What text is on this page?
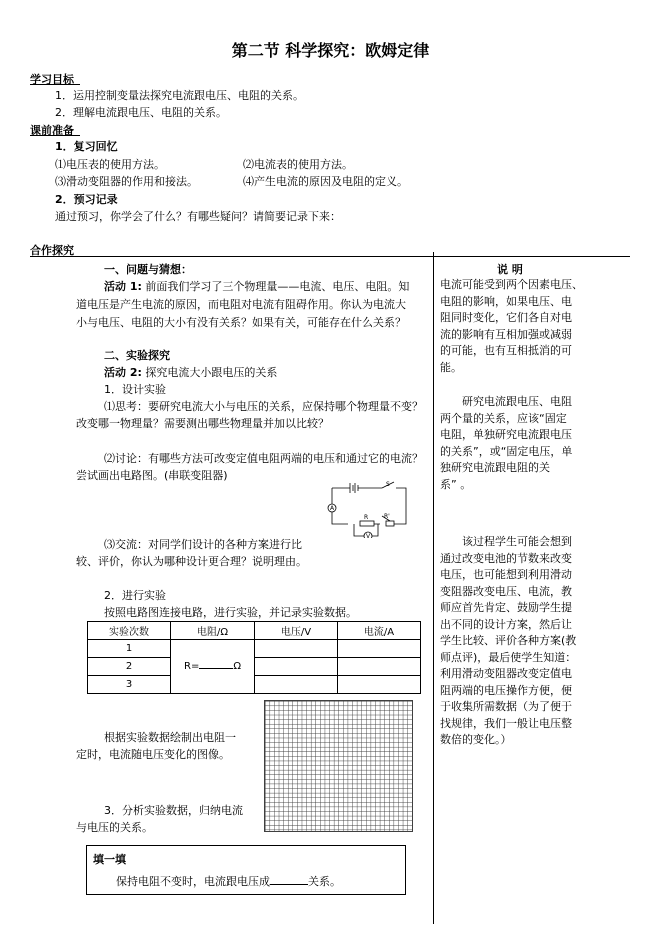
第二节 科学探究：欧姆定律
学习目标
1．运用控制变量法探究电流跟电压、电阻的关系。
2．理解电流跟电压、电阻的关系。
课前准备
1．复习回忆
⑴电压表的使用方法。	⑵电流表的使用方法。
⑶滑动变阻器的作用和接法。	⑷产生电流的原因及电阻的定义。
2．预习记录
通过预习，你学会了什么？有哪些疑问？请简要记录下来：
合作探究
一、问题与猜想：
活动 1: 前面我们学习了三个物理量——电流、电压、电阻。知
道电压是产生电流的原因，而电阻对电流有阻碍作用。你认为电流大
小与电压、电阻的大小有没有关系？如果有关，可能存在什么关系？
二、实验探究
活动 2: 探究电流大小跟电压的关系
1．设计实验
⑴思考：要研究电流大小与电压的关系，应保持哪个物理量不变？
改变哪一物理量？需要测出哪些物理量并加以比较？
⑵讨论：有哪些方法可改变定值电阻两端的电压和通过它的电流？
尝试画出电路图。(串联变阻器)
S
A
R	R'
V
⑶交流：对同学们设计的各种方案进行比
较、评价，你认为哪种设计更合理？说明理由。
2．进行实验
按照电路图连接电路，进行实验，并记录实验数据。
实验次数	电阻/Ω	电压/V	电流/A
1	R= Ω		
2			
3			
根据实验数据绘制出电阻一
定时，电流随电压变化的图像。
3．分析实验数据，归纳电流
与电压的关系。
填一填
保持电阻不变时，电流跟电压成	关系。
说 明
电流可能受到两个因素电压、
电阻的影响，如果电压、电
阻同时变化，它们各自对电
流的影响有互相加强或减弱
的可能，也有互相抵消的可
能。
研究电流跟电压、电阻
两个量的关系，应该“固定
电阻，单独研究电流跟电压
的关系”，或“固定电压，单
独研究电流跟电阻的关
系” 。
该过程学生可能会想到
通过改变电池的节数来改变
电压，也可能想到利用滑动
变阻器改变电压、电流，教
师应首先肯定、鼓励学生提
出不同的设计方案，然后让
学生比较、评价各种方案(教
师点评)，最后使学生知道：
利用滑动变阻器改变定值电
阻两端的电压操作方便，便
于收集所需数据（为了便于
找规律，我们一般让电压整
数倍的变化。）
